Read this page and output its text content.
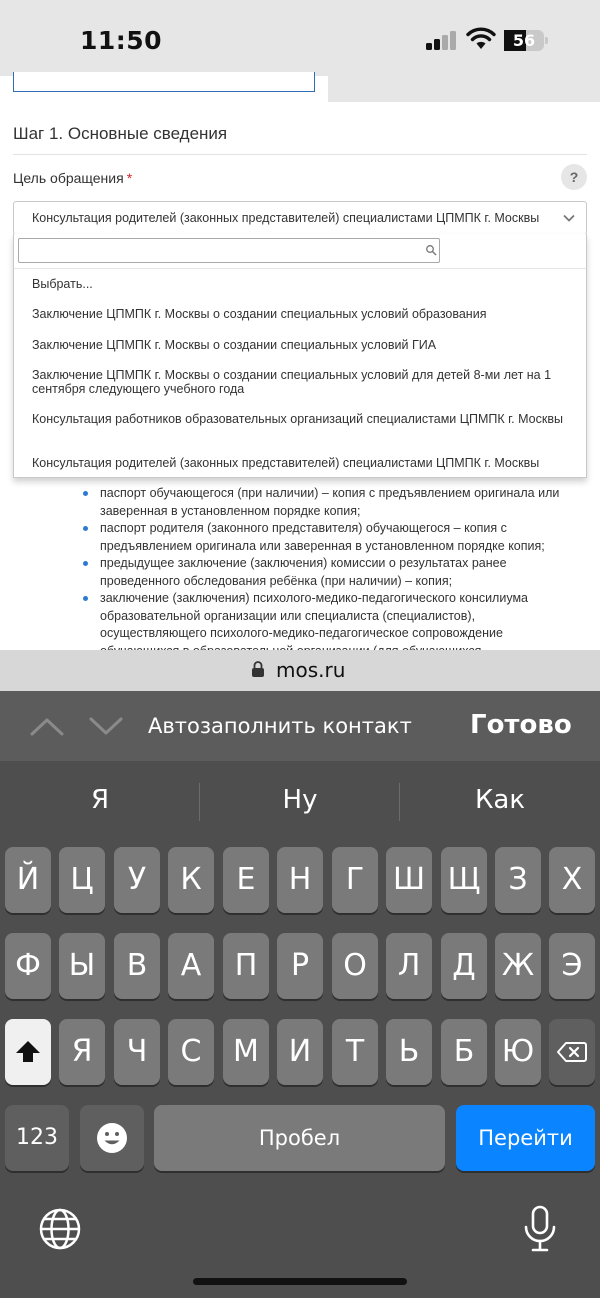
11:50	56
Шаг 1. Основные сведения
Цель обращения *	?
Консультация родителей (законных представителей) специалистами ЦПМПК г. Москвы
Выбрать...
Заключение ЦПМПК г. Москвы о создании специальных условий образования
Заключение ЦПМПК г. Москвы о создании специальных условий ГИА
Заключение ЦПМПК г. Москвы о создании специальных условий для детей 8-ми лет на 1 сентября следующего учебного года
Консультация работников образовательных организаций специалистами ЦПМПК г. Москвы
Консультация родителей (законных представителей) специалистами ЦПМПК г. Москвы
паспорт обучающегося (при наличии) – копия с предъявлением оригинала или заверенная в установленном порядке копия;
паспорт родителя (законного представителя) обучающегося – копия с предъявлением оригинала или заверенная в установленном порядке копия;
предыдущее заключение (заключения) комиссии о результатах ранее проведенного обследования ребёнка (при наличии) – копия;
заключение (заключения) психолого-медико-педагогического консилиума образовательной организации или специалиста (специалистов), осуществляющего психолого-медико-педагогическое сопровождение
mos.ru
Автозаполнить контакт Готово
Я	Ну	Как
Й	Ц	У	К	Е	Н	Г Ш Щ З	Х
Ф Ы	В	А	П	Р	О	Л	Д Ж Э
Я	Ч	С	М И	Т	Ь	Б Ю
123	Пробел	Перейти
